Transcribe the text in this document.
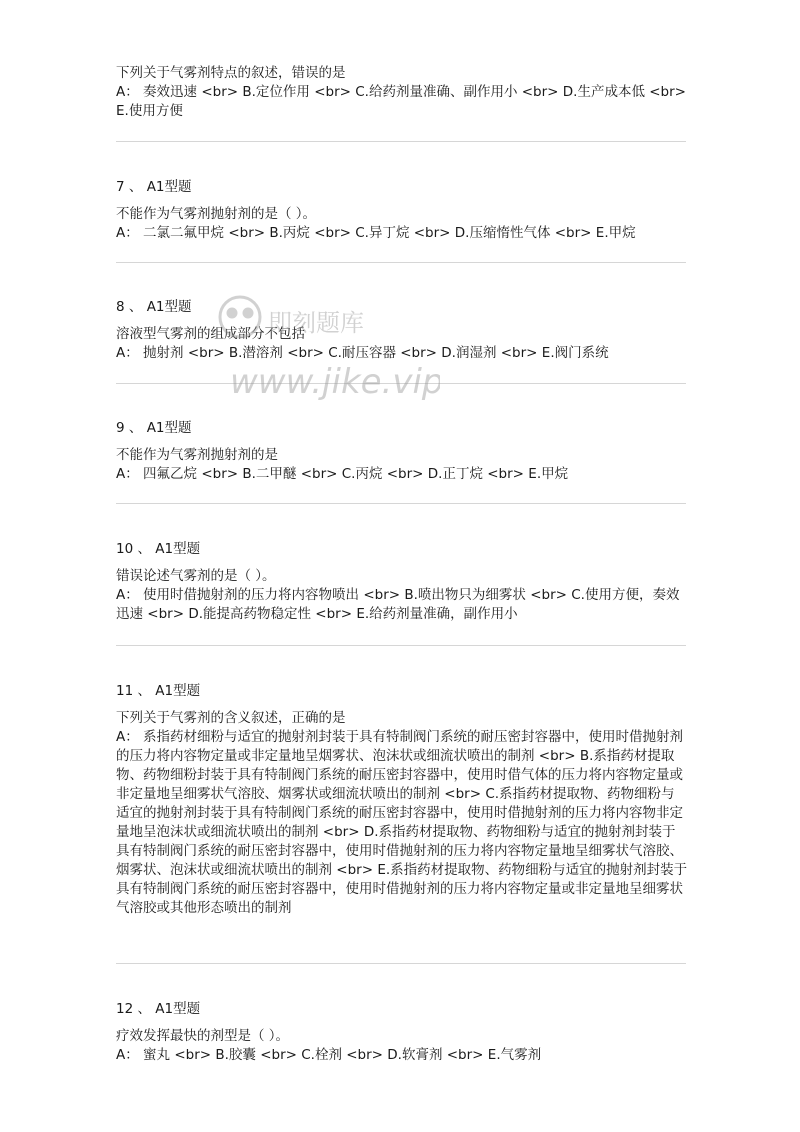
下列关于气雾剂特点的叙述，错误的是

A： 奏效迅速 <br> B.定位作用 <br> C.给药剂量准确、副作用小 <br> D.生产成本低 <br> E.使用方便

7 、 A1型题

不能作为气雾剂抛射剂的是（ ）。

A： 二氯二氟甲烷 <br> B.丙烷 <br> C.异丁烷 <br> D.压缩惰性气体 <br> E.甲烷

8 、 A1型题

溶液型气雾剂的组成部分不包括

A： 抛射剂 <br> B.潜溶剂 <br> C.耐压容器 <br> D.润湿剂 <br> E.阀门系统

9 、 A1型题

不能作为气雾剂抛射剂的是

A： 四氟乙烷 <br> B.二甲醚 <br> C.丙烷 <br> D.正丁烷 <br> E.甲烷

10 、 A1型题

错误论述气雾剂的是（ ）。

A： 使用时借抛射剂的压力将内容物喷出 <br> B.喷出物只为细雾状 <br> C.使用方便，奏效迅速 <br> D.能提高药物稳定性 <br> E.给药剂量准确，副作用小

11 、 A1型题

下列关于气雾剂的含义叙述，正确的是

A： 系指药材细粉与适宜的抛射剂封装于具有特制阀门系统的耐压密封容器中，使用时借抛射剂的压力将内容物定量或非定量地呈烟雾状、泡沫状或细流状喷出的制剂 <br> B.系指药材提取物、药物细粉封装于具有特制阀门系统的耐压密封容器中，使用时借气体的压力将内容物定量或非定量地呈细雾状气溶胶、烟雾状或细流状喷出的制剂 <br> C.系指药材提取物、药物细粉与适宜的抛射剂封装于具有特制阀门系统的耐压密封容器中，使用时借抛射剂的压力将内容物非定量地呈泡沫状或细流状喷出的制剂 <br> D.系指药材提取物、药物细粉与适宜的抛射剂封装于具有特制阀门系统的耐压密封容器中，使用时借抛射剂的压力将内容物定量地呈细雾状气溶胶、烟雾状、泡沫状或细流状喷出的制剂 <br> E.系指药材提取物、药物细粉与适宜的抛射剂封装于具有特制阀门系统的耐压密封容器中，使用时借抛射剂的压力将内容物定量或非定量地呈细雾状气溶胶或其他形态喷出的制剂

12 、 A1型题

疗效发挥最快的剂型是（ ）。

A： 蜜丸 <br> B.胶囊 <br> C.栓剂 <br> D.软膏剂 <br> E.气雾剂

即刻题库
www.jike.vip
